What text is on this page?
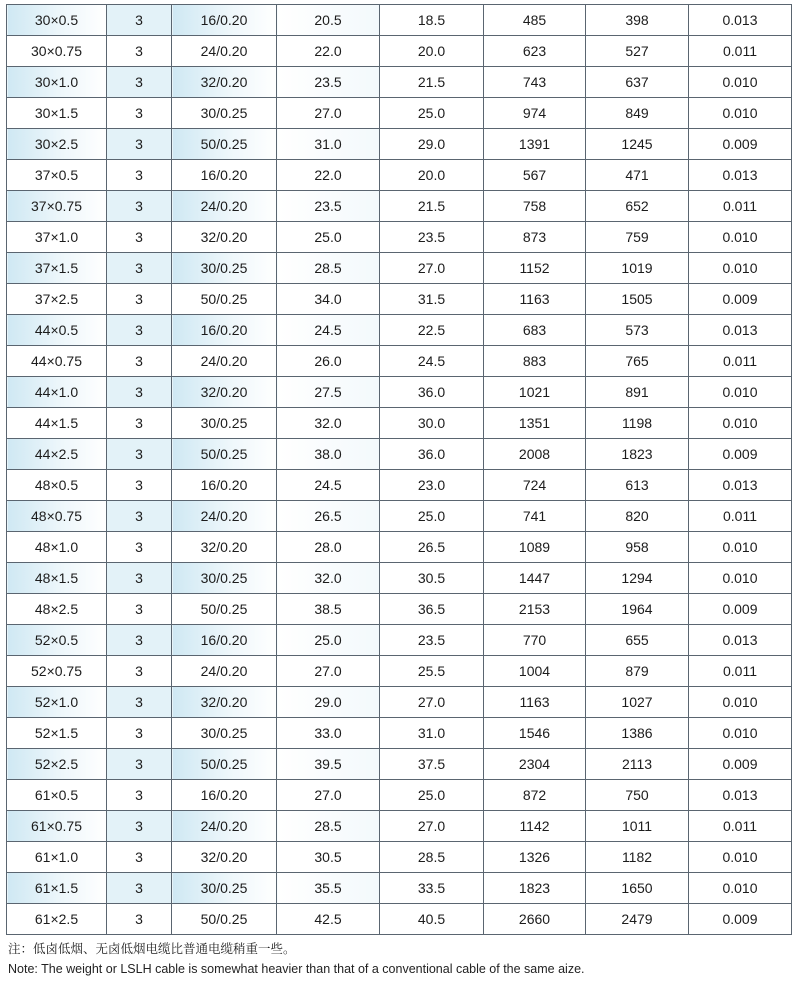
30×0.5	3	16/0.20	20.5	18.5	485	398	0.013
30×0.75	3	24/0.20	22.0	20.0	623	527	0.011
30×1.0	3	32/0.20	23.5	21.5	743	637	0.010
30×1.5	3	30/0.25	27.0	25.0	974	849	0.010
30×2.5	3	50/0.25	31.0	29.0	1391	1245	0.009
37×0.5	3	16/0.20	22.0	20.0	567	471	0.013
37×0.75	3	24/0.20	23.5	21.5	758	652	0.011
37×1.0	3	32/0.20	25.0	23.5	873	759	0.010
37×1.5	3	30/0.25	28.5	27.0	1152	1019	0.010
37×2.5	3	50/0.25	34.0	31.5	1163	1505	0.009
44×0.5	3	16/0.20	24.5	22.5	683	573	0.013
44×0.75	3	24/0.20	26.0	24.5	883	765	0.011
44×1.0	3	32/0.20	27.5	36.0	1021	891	0.010
44×1.5	3	30/0.25	32.0	30.0	1351	1198	0.010
44×2.5	3	50/0.25	38.0	36.0	2008	1823	0.009
48×0.5	3	16/0.20	24.5	23.0	724	613	0.013
48×0.75	3	24/0.20	26.5	25.0	741	820	0.011
48×1.0	3	32/0.20	28.0	26.5	1089	958	0.010
48×1.5	3	30/0.25	32.0	30.5	1447	1294	0.010
48×2.5	3	50/0.25	38.5	36.5	2153	1964	0.009
52×0.5	3	16/0.20	25.0	23.5	770	655	0.013
52×0.75	3	24/0.20	27.0	25.5	1004	879	0.011
52×1.0	3	32/0.20	29.0	27.0	1163	1027	0.010
52×1.5	3	30/0.25	33.0	31.0	1546	1386	0.010
52×2.5	3	50/0.25	39.5	37.5	2304	2113	0.009
61×0.5	3	16/0.20	27.0	25.0	872	750	0.013
61×0.75	3	24/0.20	28.5	27.0	1142	1011	0.011
61×1.0	3	32/0.20	30.5	28.5	1326	1182	0.010
61×1.5	3	30/0.25	35.5	33.5	1823	1650	0.010
61×2.5	3	50/0.25	42.5	40.5	2660	2479	0.009
注：低卤低烟、无卤低烟电缆比普通电缆稍重一些。
Note: The weight or LSLH cable is somewhat heavier than that of a conventional cable of the same aize.
